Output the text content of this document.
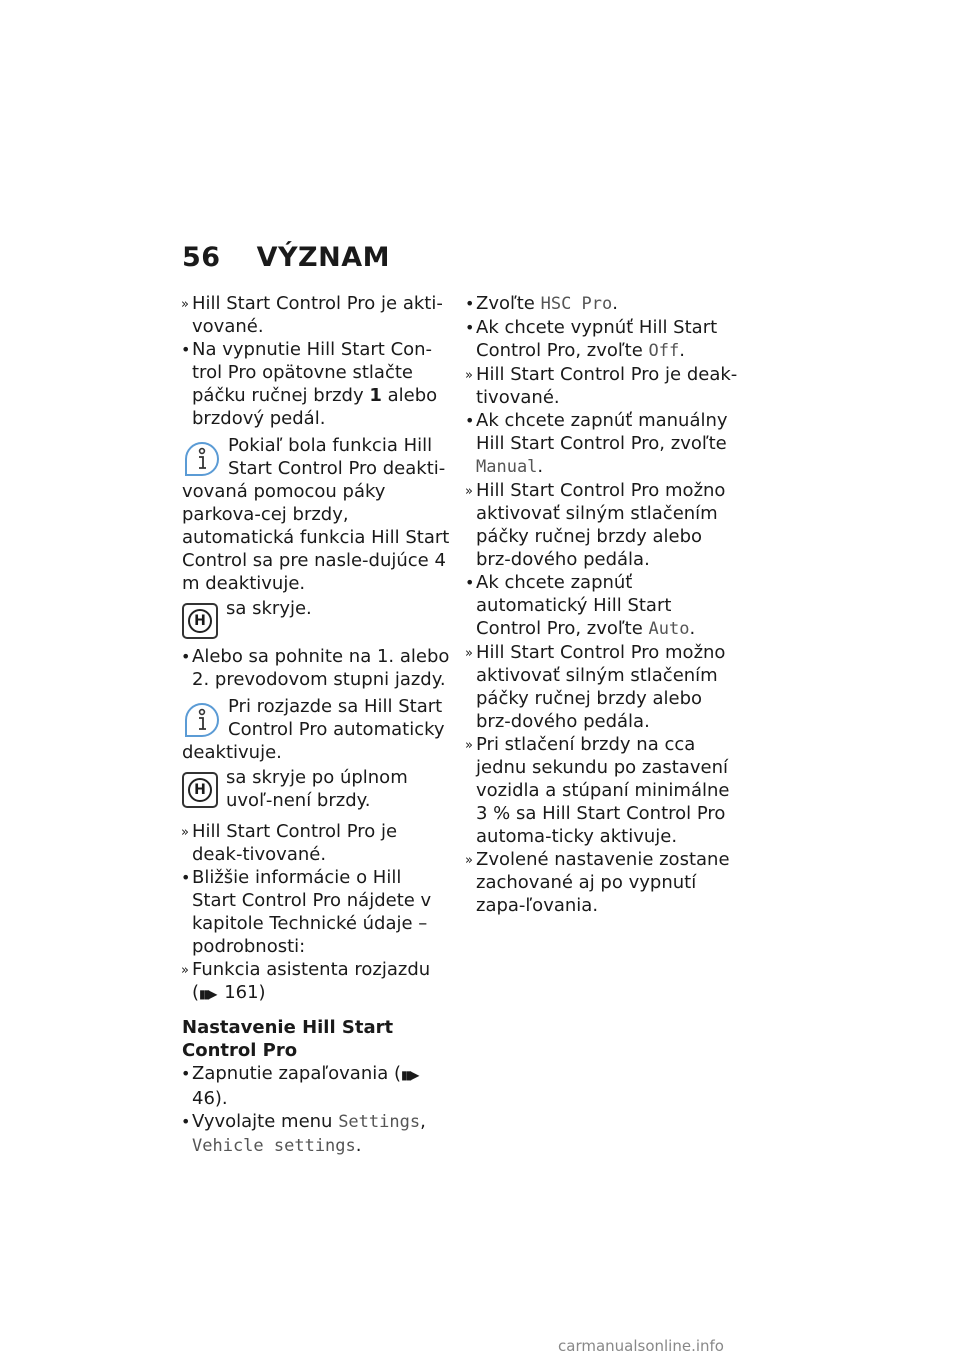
56 VÝZNAM
» Hill Start Control Pro je akti-vované.
•
Na vypnutie Hill Start Con-trol Pro opätovne stlačte páčku ručnej brzdy 1 alebo brzdový pedál.
Pokiaľ bola funkcia Hill Start Control Pro deakti-vovaná pomocou páky parkova-cej brzdy, automatická funkcia Hill Start Control sa pre nasle-dujúce 4 m deaktivuje.
H
sa skryje.
•
Alebo sa pohnite na 1. alebo 2. prevodovom stupni jazdy.
Pri rozjazde sa Hill Start Control Pro automaticky deaktivuje.
H
sa skryje po úplnom uvoľ-není brzdy.
» Hill Start Control Pro je deak-tivované.
•
Bližšie informácie o Hill Start Control Pro nájdete v kapitole Technické údaje – podrobnosti:
» Funkcia asistenta rozjazdu (▮▮▶ 161)
Nastavenie Hill Start Control Pro
•
Zapnutie zapaľovania (▮▮▶ 46).
•
Vyvolajte menu Settings, Vehicle settings.
•
Zvoľte HSC Pro.
•
Ak chcete vypnúť Hill Start Control Pro, zvoľte Off.
» Hill Start Control Pro je deak-tivované.
•
Ak chcete zapnúť manuálny Hill Start Control Pro, zvoľte Manual.
» Hill Start Control Pro možno aktivovať silným stlačením páčky ručnej brzdy alebo brz-dového pedála.
•
Ak chcete zapnúť automatický Hill Start Control Pro, zvoľte Auto.
» Hill Start Control Pro možno aktivovať silným stlačením páčky ručnej brzdy alebo brz-dového pedála.
» Pri stlačení brzdy na cca jednu sekundu po zastavení vozidla a stúpaní minimálne 3 % sa Hill Start Control Pro automa-ticky aktivuje.
» Zvolené nastavenie zostane zachované aj po vypnutí zapa-ľovania.
carmanualsonline.info
